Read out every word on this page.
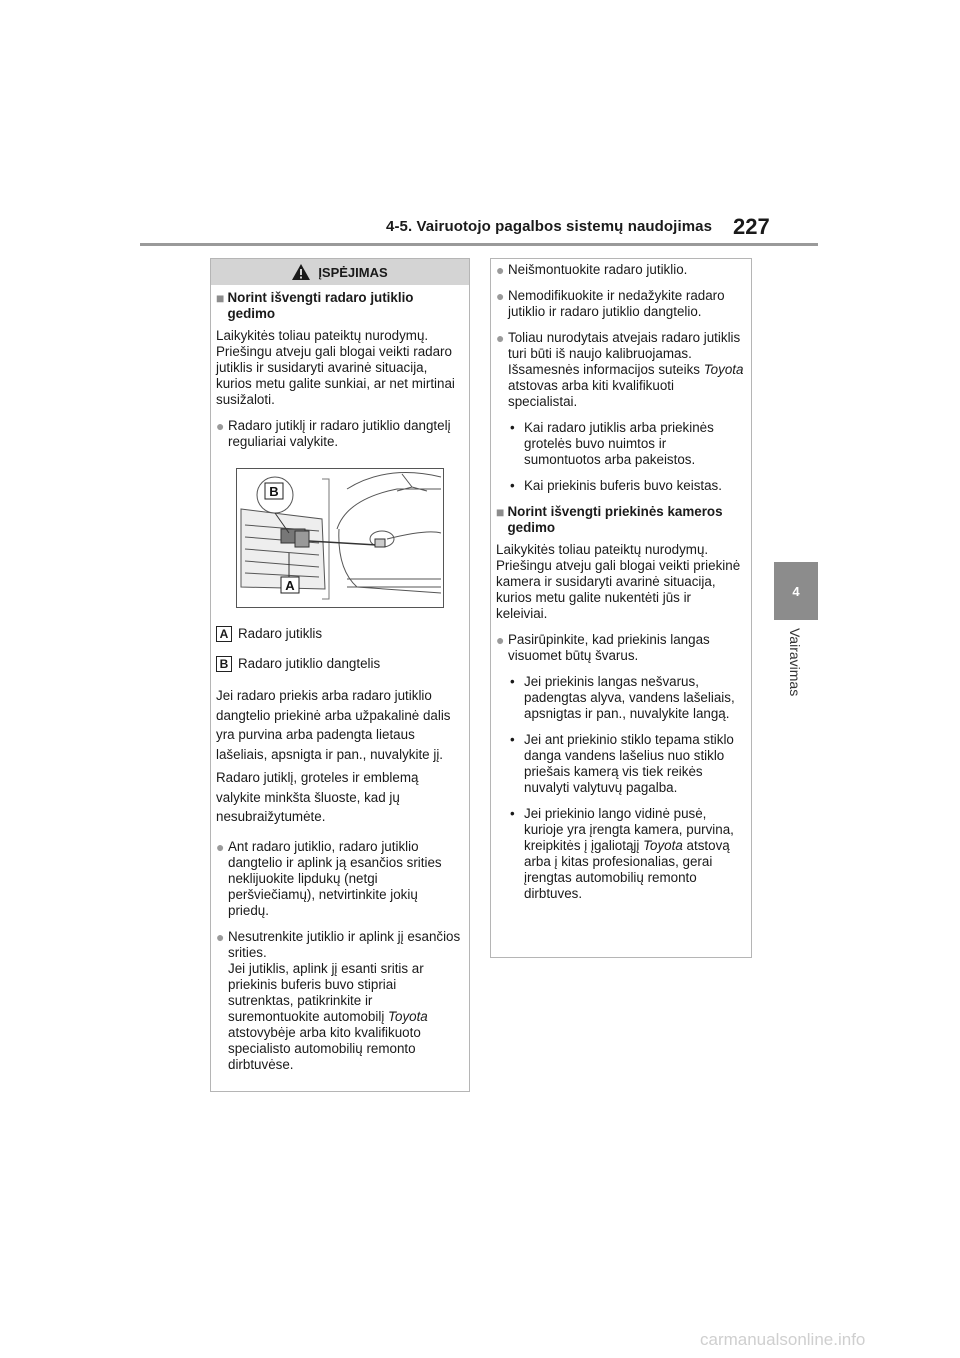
4-5. Vairuotojo pagalbos sistemų naudojimas 227
4
Vairavimas
ĮSPĖJIMAS
■ Norint išvengti radaro jutiklio gedimo

Laikykitės toliau pateiktų nurodymų. Priešingu atveju gali blogai veikti radaro jutiklis ir susidaryti avarinė situacija, kurios metu galite sunkiai, ar net mirtinai susižaloti.

● Radaro jutiklį ir radaro jutiklio dangtelį reguliariai valykite.
B
A
A Radaro jutiklis
B Radaro jutiklio dangtelis

Jei radaro priekis arba radaro jutiklio dangtelio priekinė arba užpakalinė dalis yra purvina arba padengta lietaus lašeliais, apsnigta ir pan., nuvalykite jį.

Radaro jutiklį, groteles ir emblemą valykite minkšta šluoste, kad jų nesubraižytumėte.

● Ant radaro jutiklio, radaro jutiklio dangtelio ir aplink ją esančios srities neklijuokite lipdukų (netgi peršviečiamų), netvirtinkite jokių priedų.
● Nesutrenkite jutiklio ir aplink jį esančios srities.
Jei jutiklis, aplink jį esanti sritis ar priekinis buferis buvo stipriai sutrenktas, patikrinkite ir suremontuokite automobilį Toyota atstovybėje arba kito kvalifikuoto specialisto automobilių remonto dirbtuvėse.
● Neišmontuokite radaro jutiklio.
● Nemodifikuokite ir nedažykite radaro jutiklio ir radaro jutiklio dangtelio.
● Toliau nurodytais atvejais radaro jutiklis turi būti iš naujo kalibruojamas. Išsamesnės informacijos suteiks Toyota atstovas arba kiti kvalifikuoti specialistai.
• Kai radaro jutiklis arba priekinės grotelės buvo nuimtos ir sumontuotos arba pakeistos.
• Kai priekinis buferis buvo keistas.
■ Norint išvengti priekinės kameros gedimo

Laikykitės toliau pateiktų nurodymų. Priešingu atveju gali blogai veikti priekinė kamera ir susidaryti avarinė situacija, kurios metu galite nukentėti jūs ir keleiviai.

● Pasirūpinkite, kad priekinis langas visuomet būtų švarus.
• Jei priekinis langas nešvarus, padengtas alyva, vandens lašeliais, apsnigtas ir pan., nuvalykite langą.
• Jei ant priekinio stiklo tepama stiklo danga vandens lašelius nuo stiklo priešais kamerą vis tiek reikės nuvalyti valytuvų pagalba.
• Jei priekinio lango vidinė pusė, kurioje yra įrengta kamera, purvina, kreipkitės į įgaliotąjį Toyota atstovą arba į kitas profesionalias, gerai įrengtas automobilių remonto dirbtuves.
carmanualsonline.info
